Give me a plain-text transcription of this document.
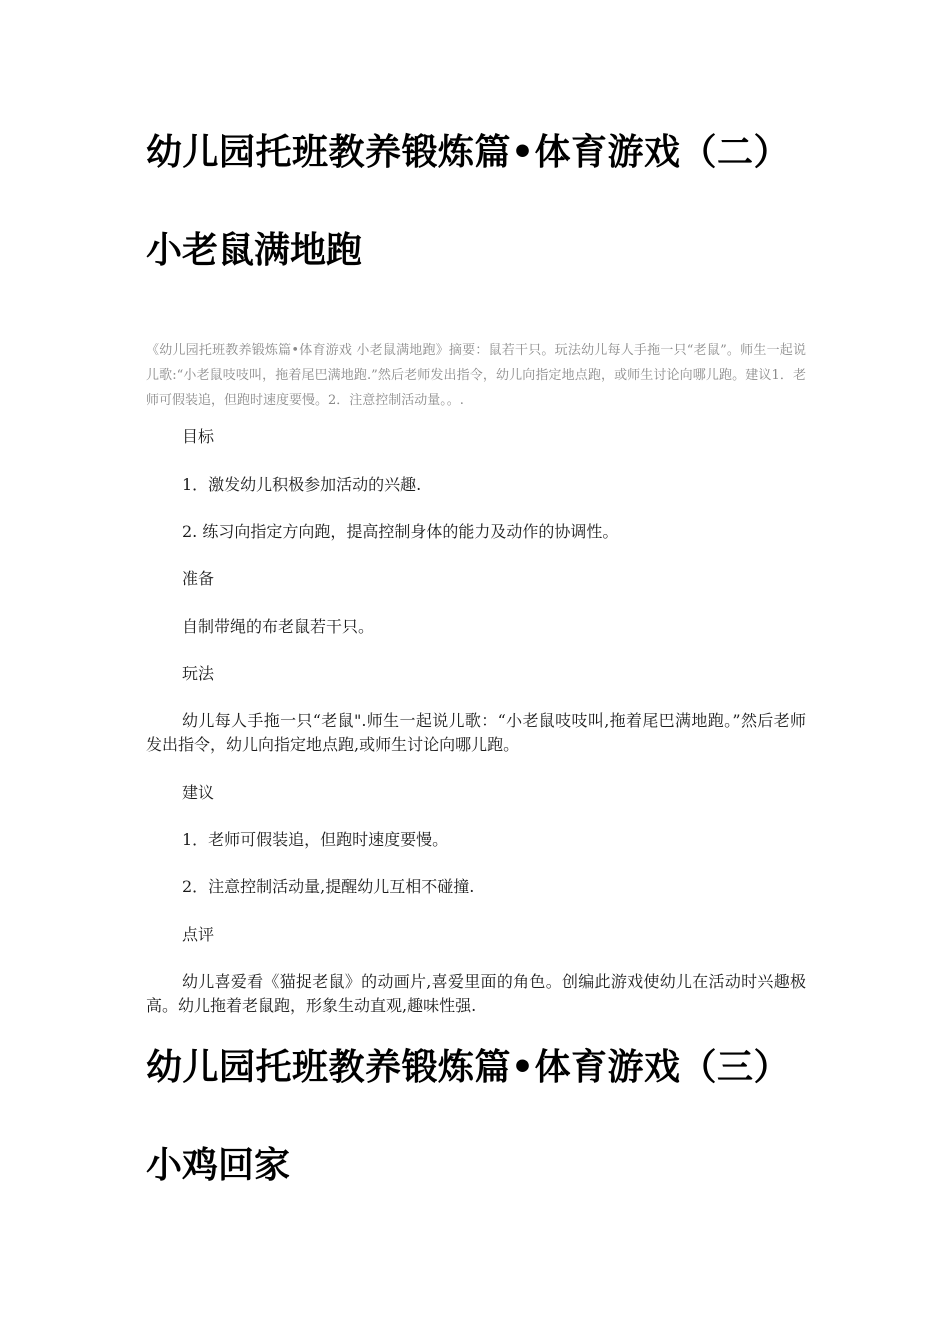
幼儿园托班教养锻炼篇•体育游戏（二）
小老鼠满地跑

《幼儿园托班教养锻炼篇•体育游戏 小老鼠满地跑》摘要：鼠若干只。玩法幼儿每人手拖一只“老鼠”。师生一起说儿歌:“小老鼠吱吱叫，拖着尾巴满地跑.”然后老师发出指令，幼儿向指定地点跑，或师生讨论向哪儿跑。建议1．老师可假装追，但跑时速度要慢。2．注意控制活动量。。.

目标

1．激发幼儿积极参加活动的兴趣.

2. 练习向指定方向跑，提高控制身体的能力及动作的协调性。

准备

自制带绳的布老鼠若干只。

玩法

幼儿每人手拖一只“老鼠".师生一起说儿歌：“小老鼠吱吱叫,拖着尾巴满地跑。”然后老师发出指令，幼儿向指定地点跑,或师生讨论向哪儿跑。

建议

1．老师可假装追，但跑时速度要慢。

2．注意控制活动量,提醒幼儿互相不碰撞.

点评

幼儿喜爱看《猫捉老鼠》的动画片,喜爱里面的角色。创编此游戏使幼儿在活动时兴趣极高。幼儿拖着老鼠跑，形象生动直观,趣味性强.

幼儿园托班教养锻炼篇•体育游戏（三）
小鸡回家
